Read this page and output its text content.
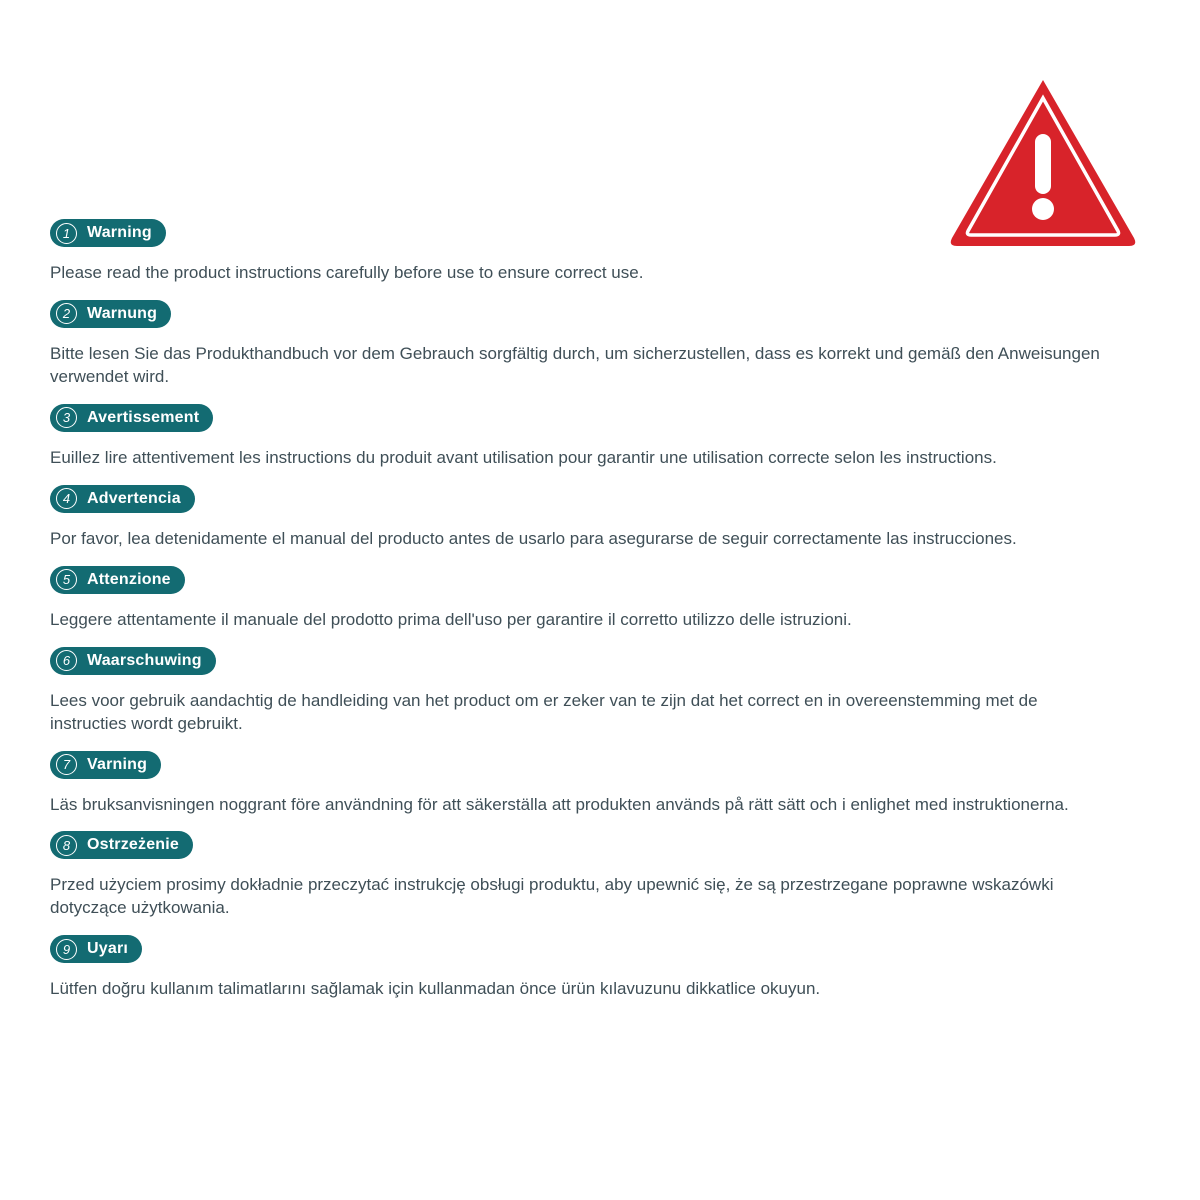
1	Warning

Please read the product instructions carefully before use to ensure correct use.

2	Warnung

Bitte lesen Sie das Produkthandbuch vor dem Gebrauch sorgfältig durch, um sicherzustellen, dass es korrekt und gemäß den Anweisungen verwendet wird.

3	Avertissement

Euillez lire attentivement les instructions du produit avant utilisation pour garantir une utilisation correcte selon les instructions.

4	Advertencia

Por favor, lea detenidamente el manual del producto antes de usarlo para asegurarse de seguir correctamente las instrucciones.

5	Attenzione

Leggere attentamente il manuale del prodotto prima dell'uso per garantire il corretto utilizzo delle istruzioni.

6	Waarschuwing

Lees voor gebruik aandachtig de handleiding van het product om er zeker van te zijn dat het correct en in overeenstemming met de instructies wordt gebruikt.

7	Varning

Läs bruksanvisningen noggrant före användning för att säkerställa att produkten används på rätt sätt och i enlighet med instruktionerna.

8	Ostrzeżenie

Przed użyciem prosimy dokładnie przeczytać instrukcję obsługi produktu, aby upewnić się, że są przestrzegane poprawne wskazówki dotyczące użytkowania.

9	Uyarı

Lütfen doğru kullanım talimatlarını sağlamak için kullanmadan önce ürün kılavuzunu dikkatlice okuyun.
